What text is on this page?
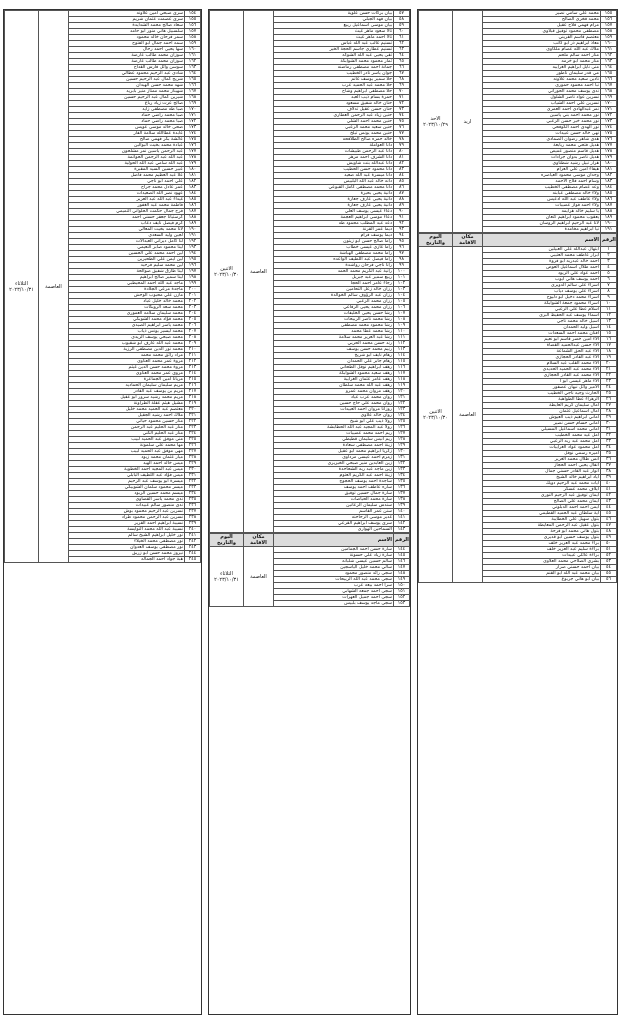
الاحد
٢٠٢٣/١٠/٢٩	اربد	محمد علي سامي نصير	١٥٥
		محمد فخري الصالح	١٥٦
		مرام فهمي فلاح عقيل	١٥٧
		مصطفى محمود توفيق قبلاوي	١٥٨
		معتصم قاسم القريني	١٥٩
		معاذ ابراهيم ذر ابو كاتب	١٦٠
		ملاك عبد الله عصام ملكاوي	١٦١
		منار احمد سالم ملحم	١٦٢
		منار محمد ابو خرمه	١٦٣
		منى نايل ابراهيم الغرايبه	١٦٤
		مي قدر سليمان ناطور	١٦٥
		نادين سعيد محمد علاونه	١٦٦
		نبأ احمد محمود حموري	١٦٧
		ندى يوسف محمد الحوراني	١٦٨
		نسرين عواد ناصر الشلول	١٦٩
		نسرين علي احمد الشياب	١٧٠
		نمر عبدالهادي احمد العمري	١٧١
		نور محمد احمد بني ياسين	١٧٢
		نور محمد خير حسن الزعبي	١٧٣
		نور الهدى احمد الكوفحي	١٧٤
		نهى خالد حسن عبيدات	١٧٥
		هدى شاهر رضوان الصمادي	١٧٦
		هديل فتحي محمد ربابعة	١٧٧
		هديل قاسم منصور عميص	١٧٨
		هديل ناصر بدوان جرادات	١٧٩
		هزار نبيل رشيد شطناوي	١٨٠
		هيفاء امين علي العزام	١٨١
		وجدان موسى محمود العياصره	١٨٢
		وسام احمد فلاح الاحمد	١٨٣
		وعد عصام مصطفى الخطيب	١٨٤
		ولاء خالد مصطفى عبابنه	١٨٥
		ولاء عاطف عبد الله ادعيس	١٨٦
		ولاء احمد فواز عضيبات	١٨٧
		يا سليم خالد هزايمه	١٨٨
		يعقوب محمود ابراهيم كنعان	١٨٩
		لانا عبد الرحيم ابراهيم الروسان	١٩٠
		نيا ابراهيم مخامدة	١٩١
اليوم والتاريخ	مكان الاقامة	الاسم	الرقم

الاثنين
٢٠٢٣/١٠/٣٠	العاصمة	ابتهال عبدالله علي العبيلين	١
		ابرار عاطف محمد العتيبي	٢
		احمد خالد عبدربه ابو فروة	٣
		احمد طلال اسماعيل العوض	٤
		احمد عواد علي الزيود	٥
		احمد يوسف هاني ايوب	٦
		اسراء علي سالم الدويري	٧
		اسراء علي يوسف دياب	٨
		اسراء محمد دخيل ابو دليوح	٩
		اسراء محمود جمعة الشوابكة	١٠
		اسلام عطا علي الزعبي	١١
		اسماء يوسف عبد الحفيظ البري	١٢
		اسيل خالد محمد ناجي	١٣
		اسيل وليد الحمدان	١٤
		افنان محمد احمد السعدات	١٥
		الاء امين خضر قاسم ابو نعيم	١٦
		الاء حسن عبدالحميد القضاة	١٧
		الاء عبد الحق الشماعة	١٨
		الاء عبد القادر الحجازي	١٩
		الاء محمد القلب عبد السلام	٢٠
		الاء محمد عبد الحميد الحديدي	٢١
		الاء محمد عبد القادر الحجازي	٢٢
		الاء ماهر عيسى ابو ا	٢٣
		الامير وائل نبهان عصفور	٢٤
		الحارث وجيه ناجي الخطيب	٢٥
		الزهراء عطا الطواهبة	٢٦
		امال سليمان كريم العايطة	٢٧
		امال اسماعيل عثمان	٢٨
		اماني ابراهيم ذيب العيوش	٢٩
		اماني حسام حسن نصير	٣٠
		اماني محمد اسماعيل المسيلي	٣١
		امل عيد محمد الخطيب	٣٢
		امل محمد عبد ربه الزعبي	٣٣
		امل محمود عواد الغرايبات	٣٤
		اميره رسمي نوفل	٣٥
		انس طلال محمد الغرير	٣٦
		انفال يحيى احمد الحجاز	٣٧
		انوار عبد القادر حسني جمال	٣٨
		اياد ابراهيم خالد الشيخ	٣٩
		ايات محمد عبد الرحيم دويك	٤٠
		ايلاف محمد عسكر	٤١
		ايمان توفيق عبد الرحيم النوري	٤٢
		ايمان محمد علي الصالح	٤٣
		ايمن احمد احمد الدبلوني	٤٤
		اية سلطان عبد الحميد القطيمي	٤٥
		بتول سهيل علي الخطايبة	٤٦
		بتول عقيل عبد الرحمن المعايطة	٤٧
		بتول هاني محمد ابو فرحة	٤٨
		بتول يوسف حسين ابو قديري	٤٩
		براء محمد عبد العزيز خلف	٥٠
		براءة سليم عبد العزيز خلف	٥١
		براءة عائلي عبيدات	٥٢
		بشرى الصلاحي محمد العلاوي	٥٣
		بيان احمد حسني صرار	٥٤
		بيان محمد عبد الله ابو القنم	٥٥
		بيان ابو هاني جربوع	٥٦
الاثنين
٢٠٢٣/١٠/٣٠	العاصمة	بيان بركات حسن علوية	٥٧
		بيان فهد الجبلي	٥٨
		بيان موسى اسماعيل ربيع	٥٩
		تالا سعود ماهر غيث	٦٠
		تالا احمد ماهر غيث	٦١
		تسنيم غالب عبد الله عباس	٦٢
		تسنيم عطاري جاسم الحجة الخير	٦٣
		تقى يحيى عبد الله الشوكه	٦٤
		ثمار محمود محمد الشوابكة	٦٥
		جمانة احمد مصطفى رماضنه	٦٦
		جوان ياسر نادر الخطيب	٦٧
		حلا سمير يوسف غانم	٦٨
		حلا محمد عبد الحميد عرب	٦٩
		حلا مصطفى ابراهيم وشاح	٧٠
		حمزة بسام ذيب العبد	٧١
		حنان خالد شفيق مسعود	٧٢
		حنان حسن عقيل تدلاف	٧٣
		حنين زياد عبد الرحمن العطاري	٧٤
		حنين محمد احمد الشلي	٧٥
		حنين سعيد محمد الزعبي	٧٦
		حنين محمد يونس تيلخ	٧٧
		خالد حمزه صالح الطلافحه	٧٨
		دانا العواملة	٧٩
		دانا عبد الرحمن طبيشات	٨٠
		دانا الشرف احمد مرهر	٨١
		دانا عبدالله بنت شاويش	٨٢
		دانا محمود حسن الحطيب	٨٣
		دانا ميسرة عبد الله ضعيد	٨٤
		دانه خالد عبد الله البلبيس	٨٥
		دانا محمد مصطفى كامل القبوعي	٨٦
		دانية يحيى بحيرة	٨٧
		دانية يحيى عارف جعارة	٨٨
		دانية يحيى عارف جعارة	٨٩
		دعاء عيسى يوسف العلي	٩٠
		دعاء موسى ابراهيم العجمة	٩١
		دعد عبد المطلب محمود طه	٩٢
		ديما عمر القرنة	٩٣
		ديما يوسف فرام	٩٤
		راما صالح حسن ابو زيتون	٩٥
		راما غازي عيسى خطاب	٩٦
		راما محمد مصطفى الهباشة	٩٧
		راما فيصل عبد اللطيف الواعده	٩٨
		رانا ناجي فرحان رواشدة	٩٩
		رانية عبد الكريم محمد الحمد	١٠٠
		ربيع سمير عبد جبريل	١٠١
		رجاء عامر احمد الحجا	١٠٢
		رزان خالد زعل التحامين	١٠٣
		رزان عبد الرؤوف سالم الخوالدة	١٠٤
		رزان محمد الزعبي	١٠٥
		رزان محمد يحيى الرفاعي	١٠٦
		رشا حسن يحيى الخليفات	١٠٧
		رشا محمد ناصر الربيحات	١٠٨
		رشا محمود محمد مصطفى	١٠٩
		رشا محمد عطا محمد	١١٠
		رشا عبد العزيز محمد سلامة	١١١
		رند حسن محمد الحربي	١١٢
		رنيم محمد حسن يوسف	١١٣
		رهام نايف ابو شريخ	١١٤
		رهام جابر علي الحمدان	١١٥
		رهف ابراهيم نوفل الطحاني	١١٦
		رهف سعيد محمود الشوابكة	١١٧
		رهف عامر عثمان الغرايبة	١١٨
		رهف عبد الله محمد سلطان	١١٩
		رهف مروان محمد عمرو	١٢٠
		روان محمد عرب عياد	١٢١
		روان محمد علي حاج حسين	١٢٢
		روزانا مروان احمد العبيدات	١٢٣
		روان خالد علاوي	١٢٤
		رولا ذيب علي ابو شيخ	١٢٥
		رولا عبد المجيد عبد الله الحطابشة	١٢٦
		ريم احمد محمد عضيبات	١٢٧
		ريم انيس سليمان قطيطي	١٢٨
		زينة احمد مصطفى سعادة	١٢٩
		زكريا ابراهيم محمد ابو عقيل	١٣٠
		زمزم احمد عيسى مرداوي	١٣١
		زين العابدين منير صبحي الخيزيري	١٣٢
		زين ماجد عبد ربه الشحاحدة	١٣٣
		زينة احمد عبد الكريم العتوم	١٣٤
		ساجدة احمد يوسف الحجوج	١٣٥
		ساره عاطف احمد يوسف	١٣٦
		سارة جمال حسين توفيق	١٣٧
		سارة محمد الحياصات	١٣٨
		سندس سليمان الزعانين	١٣٩
		سنن عمر القاسم	١٤٠
		غدير موسى الرحاحنه	١٤١
		سرى يوسف ابراهيم القرعي	١٤٢
		السماحين الهواري	١٤٣
اليوم والتاريخ	مكان الاقامة	الاسم	الرقم

الثلاثاء
٢٠٢٣/١٠/٣١	العاصمة	سارة حسن احمد الجمامين	١٤٤
		سارة زياد علي حسونة	١٤٥
		سالم حسين عيسى شلبانه	١٤٦
		سالي محمد خليل الياسجين	١٤٧
		سجى رائد منصور محمود	١٤٨
		سجى محمد عبد الله الربيحات	١٤٩
		سرا احمد بيعه عرب	١٥٠
		سجى احمد جمعه الشهابي	١٥١
		سجى احمد جميل العهرات	١٥٢
		سجى ماجد يوسف بلبيس	١٥٣
الثلاثاء
٢٠٢٣/١٠/٣١	العاصمة	سرى صبحي امين علاونه	١٥٤
		سرى عصمت عثمان شريم	١٥٥
		سعاد صالح محمد الشدايدة	١٥٦
		سلسبيل هاني منور ابو حامد	١٥٧
		سمر فرحان خالد محمود	١٥٨
		سمه احمد جمال ابو الفتوح	١٥٩
		سها يحيى احمد رحال	١٦٠
		سوزان محمد طالب عارضة	١٦١
		سوزان محمد طالب عارضة	١٦٢
		سوسن وائل فارس القداح	١٦٣
		شادي عبد الرحيم محمود عطالي	١٦٤
		شريح كمال عبد الرحيم حسين	١٦٥
		شهد محمد حسن الهيدان	١٦٦
		شهيناز محمد ممتاز منير بابريد	١٦٧
		شيرين كمال عبد الرحيم حسين	١٦٨
		صالح عزت زياد رباع	١٦٩
		صبا طه مصطفى زايد	١٧٠
		صبا محمد راضي حماد	١٧١
		صبا محمد راضي حماد	١٧٢
		ضحى خالد موسى عويس	١٧٣
		عابدة عطاالله سلامة الفار	١٧٤
		عائشة بكر فهمي صالح	١٧٥
		عبادة محمد بخيت البوالين	١٧٦
		عبد الرحمن ياسين نمر مشلحون	١٧٧
		عبد الله عبد الرحمن الحواتمة	١٧٨
		عبد الله سامي عبد الله الحولية	١٧٩
		عبير حسين السيد المقبرة	١٨٠
		علا عبد العظيم محمد فاضل	١٨١
		علي احمد ابو ناجي	١٨٢
		عمر عادل محمد جراح	١٨٣
		عهود نصر الله الصعيدات	١٨٤
		غيداء عبد الله عبد العزيز	١٨٥
		فاطمة محمد عبد الغفور	١٨٦
		فرح جمال حكمت الحلواني التميمي	١٨٧
		كرستيانا جعفر حسني احمد	١٨٨
		كرم فيصل نايف دعاب	١٨٩
		لانا محمد بخيت المعالي	١٩٠
		لجين وليد السعدي	١٩١
		لنا كامل ديراني العبدالات	١٩٢
		لينا محمود صابر النعيمي	١٩٣
		لين احمد محمد علي الحسين	١٩٤
		لين ايمن علي الطحيرين	١٩٥
		لين محمد سليم فرحيد	١٩٦
		لينا طارق شفيق صوالحة	١٩٧
		لينا سمير صالح ابراهيم	١٩٨
		ماجد عبد الله احمد المحيطبي	١٩٩
		ماجدة مرعي الجلادة	٢٠٠
		مازن علي محبوب الوحش	٢٠١
		محمد خالد خليل عباد	٢٠٢
		محمد سعد الروبكات	٢٠٣
		محمد سليمان سلامه العموري	٢٠٤
		محمد فؤاد محمد الشوبكي	٢٠٥
		محمد ياسر ابراهيم الصيدي	٢٠٦
		محمد ليسير يونس ذياب	٢٠٧
		محمد صبحي يوسف الزيدي	٢٠٨
		محمد عبد الله عارف ابو شقيوب	٢٠٩
		محمد نور الدين مصطفى الرزية	٢١٠
		مراد رائق محمد محمد	٢١١
		مروة عمر محمد العناوي	٢١٢
		مروة محمد حسن الدين غيثم	٢١٣
		مروى عمر محمد العناوي	٢١٤
		مريانا امين الجماعرة	٢١٥
		مريم سليمان سليمان الحماديد	٢١٦
		مريم بن يوسف عبد القادر	٢١٧
		مريم محمد رشيد سرور ابو عقيل	٢١٨
		مشيل هيثم عقلة الطراونة	٢١٩
		معتصم عبد الحميد محمد خليل	٢٢٠
		ملاك احمد رشيد الجقيل	٢٢١
		منار حسين محمود حياتي	٢٢٢
		منار عبد الحليم عبد الرحمن	٢٢٣
		منار عبد الحليم الكني	٢٢٤
		منى موفق عبد الحميد لبيب	٢٢٥
		مها محمد علي سلمونة	٢٢٦
		مهى موفق عبد الحميد لبيب	٢٢٧
		ميار عثمان محمد زبود	٢٢٨
		ميس خالد احمد الهيد	٢٢٩
		ميس عبد المجيد احمد الخطوية	٢٣٠
		ميس فؤاد عبد اللطيف البابلي	٢٣١
		ميسرة ابو يوسف عبد الرحيم	٢٣٢
		ميسر محمود سلمان الشوبيكي	٢٣٣
		ميسم محمد حسين الزبود	٢٣٤
		ندى محمد ياسر القضاوي	٢٣٥
		ندى منصور سالم عبيدات	٢٣٦
		نسرين عبد الرحيم محمود بوش	٢٣٧
		نسرين عبد الرحمن محمود طراد	٢٣٨
		نسيبة ابراهيم احمد القزير	٢٣٩
		نسيبة عبد الله محمد النوايسة	٢٤٠
		نور خليل ابراهيم الشيخ سالم	٢٤١
		نور مصطفى محمد الخيلاء	٢٤٢
		نور مصطفى يوسف العدوان	٢٤٣
		نيروز محمد حسن ابو زريق	٢٤٤
		هبة جواد احمد الجماله	٢٤٥
